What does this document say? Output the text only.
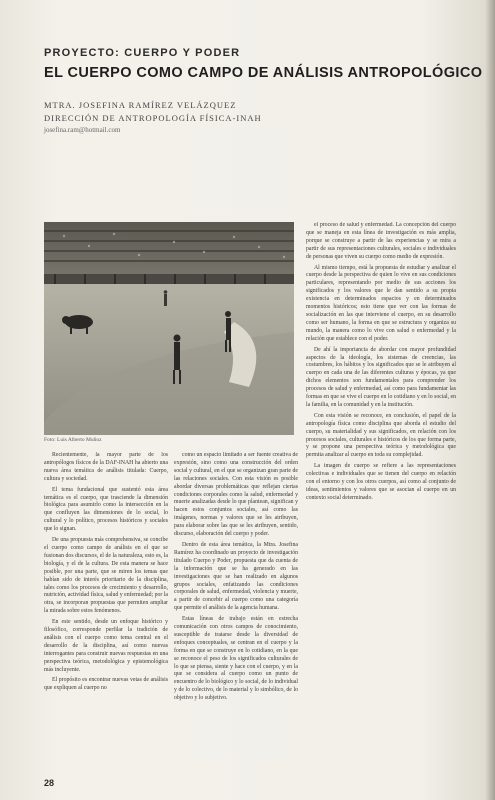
PROYECTO: CUERPO Y PODER
EL CUERPO COMO CAMPO DE ANÁLISIS ANTROPOLÓGICO
MTRA. JOSEFINA RAMÍREZ VELÁZQUEZ
DIRECCIÓN DE ANTROPOLOGÍA FÍSICA-INAH
josefina.ram@hotmail.com
Foto: Luis Alberto Muñoz

Recientemente, la mayor parte de los antropólogos físicos de la DAF-INAH ha abierto una nueva área temática de análisis titulada: Cuerpo, cultura y sociedad.

El tema fundacional que sustentó esta área temática es el cuerpo, que trasciende la dimensión biológica para asumirlo como la intersección en la que confluyen las dimensiones de lo social, lo cultural y lo político, procesos históricos y sociales que lo signan.

De una propuesta más comprehensiva, se concibe el cuerpo como campo de análisis en el que se fusionan dos discursos, el de la naturaleza, esto es, la biología, y el de la cultura. De esta manera se hace posible, por una parte, que se miren los temas que habían sido de interés prioritario de la disciplina, tales como los procesos de crecimiento y desarrollo, nutrición, actividad física, salud y enfermedad; por la otra, se incorporan propuestas que permiten ampliar la mirada sobre estos fenómenos.

En este sentido, desde un enfoque histórico y filosófico, corresponde perfilar la tradición de análisis con el cuerpo como tema central en el desarrollo de la disciplina, así como nuevas interrogantes para construir nuevas respuestas en una perspectiva teórica, metodológica y epistemológica más incluyente.

El propósito es encontrar nuevas vetas de análisis que expliquen al cuerpo no

como un espacio limitado a ser fuente creativa de expresión, sino como una construcción del orden social y cultural, en el que se organizan gran parte de las relaciones sociales. Con esta visión es posible abordar diversas problemáticas que reflejan ciertas condiciones corporales como la salud, enfermedad y muerte analizadas desde lo que plantean, significan y hacen estos conjuntos sociales, así como las imágenes, normas y valores que se les atribuyen, para elaborar sobre las que se les atribuyen, sentido, discurso, elaboración del cuerpo y poder.

Dentro de esta área temática, la Mtra. Josefina Ramírez ha coordinado un proyecto de investigación titulado Cuerpo y Poder, propuesta que da cuenta de la información que se ha generado en las investigaciones que se han realizado en algunos grupos sociales, enfatizando las condiciones corporales de salud, enfermedad, violencia y muerte, a partir de concebir al cuerpo como una categoría que permite el análisis de la agencia humana.

Estas líneas de trabajo están en estrecha comunicación con otros campos de conocimiento, susceptible de tratarse desde la diversidad de enfoques conceptuales, se centran en el cuerpo y la forma en que se construye en lo cotidiano, en la que se reconoce el peso de los significados culturales de lo que se piensa, siente y hace con el cuerpo, y en la que se considera al cuerpo como un punto de encuentro de lo biológico y lo social, de lo individual y de lo colectivo, de lo material y lo simbólico, de lo objetivo y lo subjetivo.

el proceso de salud y enfermedad. La concepción del cuerpo que se maneja en esta línea de investigación es más amplia, porque se construye a partir de las experiencias y se mira a partir de sus representaciones culturales, sociales e individuales de personas que viven su cuerpo como medio de expresión.

Al mismo tiempo, está la propuesta de estudiar y analizar el cuerpo desde la perspectiva de quien lo vive en sus condiciones particulares, representando por medio de sus acciones los significados y los valores que le dan sentido a su propia existencia en determinados espacios y en determinados momentos históricos; esto tiene que ver con las formas de socialización en las que interviene el cuerpo, en su desarrollo como ser humano, la forma en que se estructura y organiza su mundo, la manera como lo vive con salud o enfermedad y la relación que establece con el poder.

De ahí la importancia de abordar con mayor profundidad aspectos de la ideología, los sistemas de creencias, las costumbres, los hábitos y los significados que se le atribuyen al cuerpo en cada una de las diferentes culturas y épocas, ya que dichos elementos son fundamentales para comprender los procesos de salud y enfermedad, así como para fundamentar las formas en que se vive el cuerpo en lo cotidiano y en lo social, en la familia, en la comunidad y en la institución.

Con esta visión se reconoce, en conclusión, el papel de la antropología física como disciplina que aborda el estudio del cuerpo, su materialidad y sus significados, en relación con los procesos sociales, culturales e históricos de los que forma parte, y se propone una perspectiva teórica y metodológica que permita analizar al cuerpo en toda su complejidad.

La imagen de cuerpo se refiere a las representaciones colectivas e individuales que se tienen del cuerpo en relación con el entorno y con los otros cuerpos, así como al conjunto de ideas, sentimientos y valores que se asocian al cuerpo en un contexto social determinado.

28
